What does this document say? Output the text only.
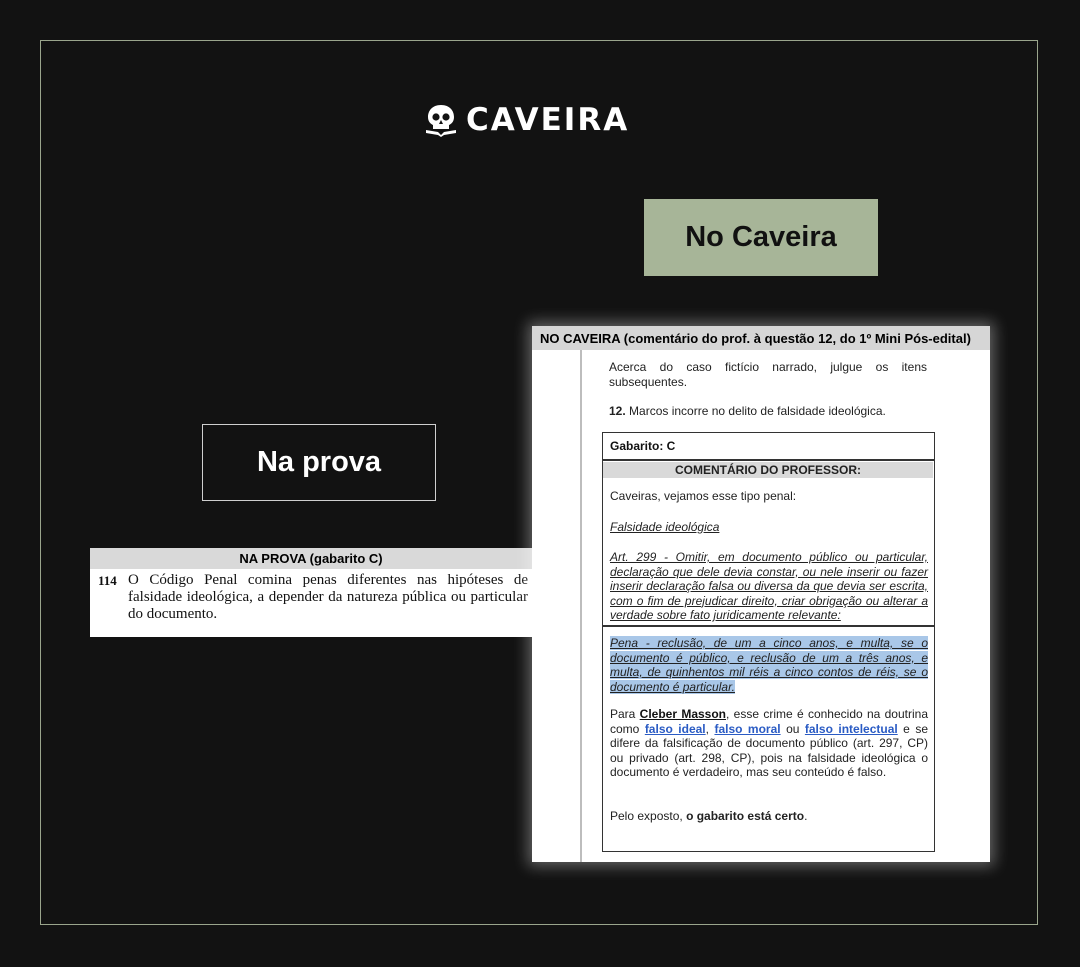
CAVEIRA
No Caveira
Na prova
NA PROVA (gabarito C)
114 O Código Penal comina penas diferentes nas hipóteses de falsidade ideológica, a depender da natureza pública ou particular do documento.
NO CAVEIRA (comentário do prof. à questão 12, do 1º Mini Pós-edital)
Acerca do caso fictício narrado, julgue os itens subsequentes.
12. Marcos incorre no delito de falsidade ideológica.
Gabarito: C
COMENTÁRIO DO PROFESSOR:
Caveiras, vejamos esse tipo penal:
Falsidade ideológica
Art. 299 - Omitir, em documento público ou particular, declaração que dele devia constar, ou nele inserir ou fazer inserir declaração falsa ou diversa da que devia ser escrita, com o fim de prejudicar direito, criar obrigação ou alterar a verdade sobre fato juridicamente relevante:
Pena - reclusão, de um a cinco anos, e multa, se o documento é público, e reclusão de um a três anos, e multa, de quinhentos mil réis a cinco contos de réis, se o documento é particular.
Para Cleber Masson, esse crime é conhecido na doutrina como falso ideal, falso moral ou falso intelectual e se difere da falsificação de documento público (art. 297, CP) ou privado (art. 298, CP), pois na falsidade ideológica o documento é verdadeiro, mas seu conteúdo é falso.
Pelo exposto, o gabarito está certo.
